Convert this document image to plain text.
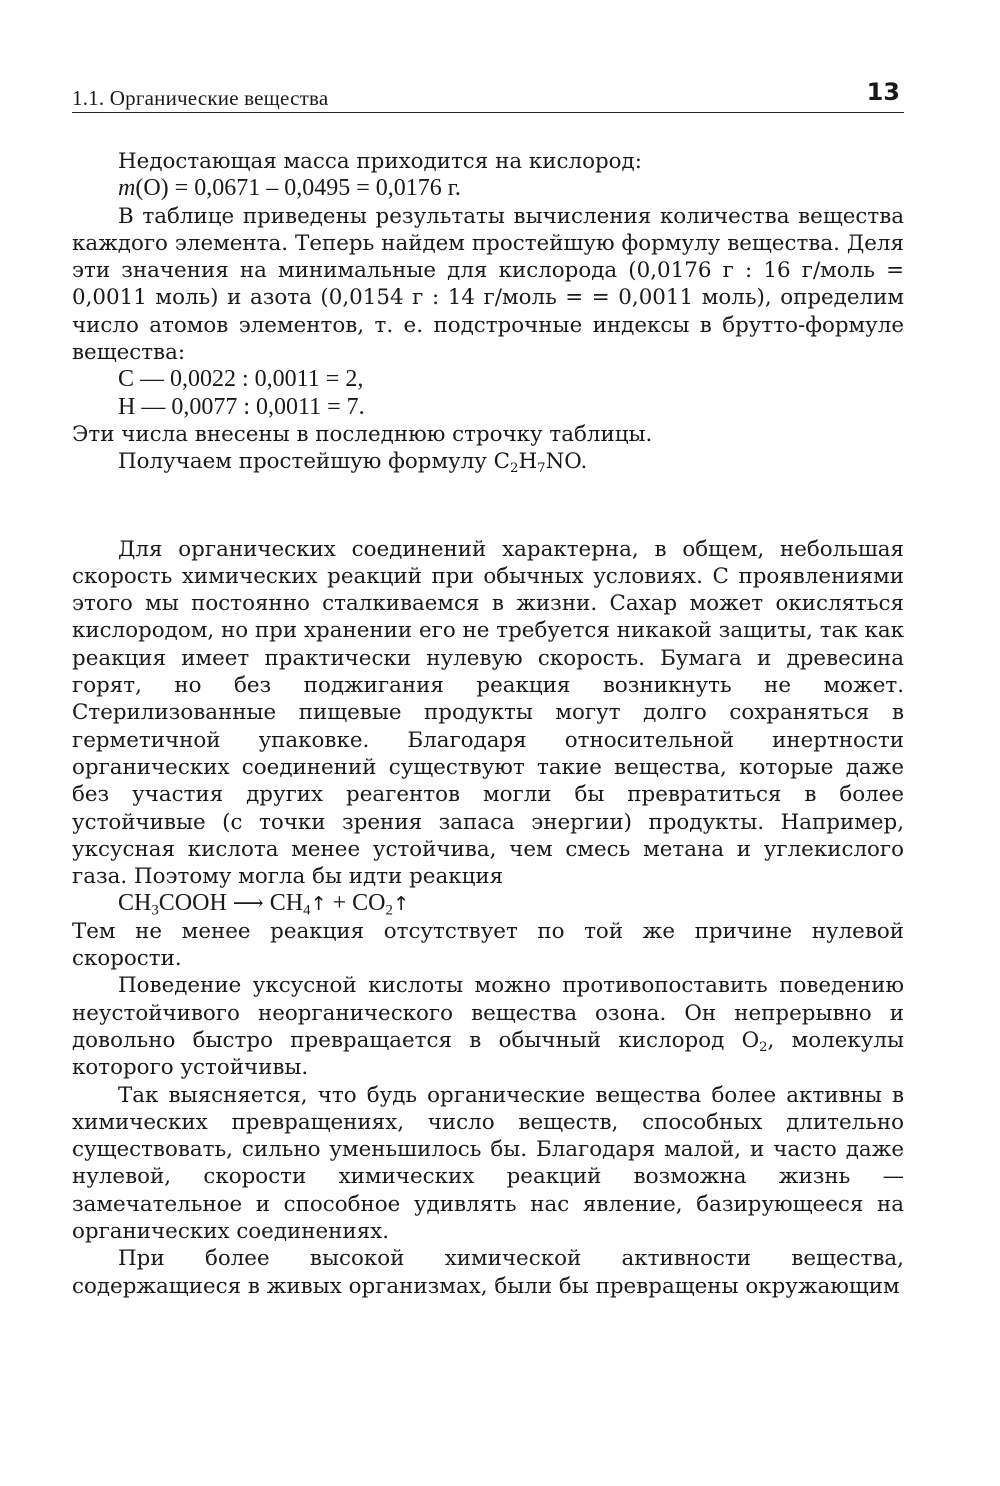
1.1. Органические вещества	13

Недостающая масса приходится на кислород:

m(O) = 0,0671 – 0,0495 = 0,0176 г.

В таблице приведены результаты вычисления количества вещества каждого элемента. Теперь найдем простейшую формулу вещества. Деля эти значения на минимальные для кислорода (0,0176 г : 16 г/моль = 0,0011 моль) и азота (0,0154 г : 14 г/моль = = 0,0011 моль), определим число атомов элементов, т. е. подстрочные индексы в брутто-формуле вещества:

C — 0,0022 : 0,0011 = 2,

H — 0,0077 : 0,0011 = 7.

Эти числа внесены в последнюю строчку таблицы.

Получаем простейшую формулу $C_2H_7NO$.

Для органических соединений характерна, в общем, небольшая скорость химических реакций при обычных условиях. С проявлениями этого мы постоянно сталкиваемся в жизни. Сахар может окисляться кислородом, но при хранении его не требуется никакой защиты, так как реакция имеет практически нулевую скорость. Бумага и древесина горят, но без поджигания реакция возникнуть не может. Стерилизованные пищевые продукты могут долго сохраняться в герметичной упаковке. Благодаря относительной инертности органических соединений существуют такие вещества, которые даже без участия других реагентов могли бы превратиться в более устойчивые (с точки зрения запаса энергии) продукты. Например, уксусная кислота менее устойчива, чем смесь метана и углекислого газа. Поэтому могла бы идти реакция

$CH_3COOH$ ⟶ $CH_4↑$ + $CO_2↑$

Тем не менее реакция отсутствует по той же причине нулевой скорости.

Поведение уксусной кислоты можно противопоставить поведению неустойчивого неорганического вещества озона. Он непрерывно и довольно быстро превращается в обычный кислород $O_2$, молекулы которого устойчивы.

Так выясняется, что будь органические вещества более активны в химических превращениях, число веществ, способных длительно существовать, сильно уменьшилось бы. Благодаря малой, и часто даже нулевой, скорости химических реакций возможна жизнь — замечательное и способное удивлять нас явление, базирующееся на органических соединениях.

При более высокой химической активности вещества, содержащиеся в живых организмах, были бы превращены окружающим
